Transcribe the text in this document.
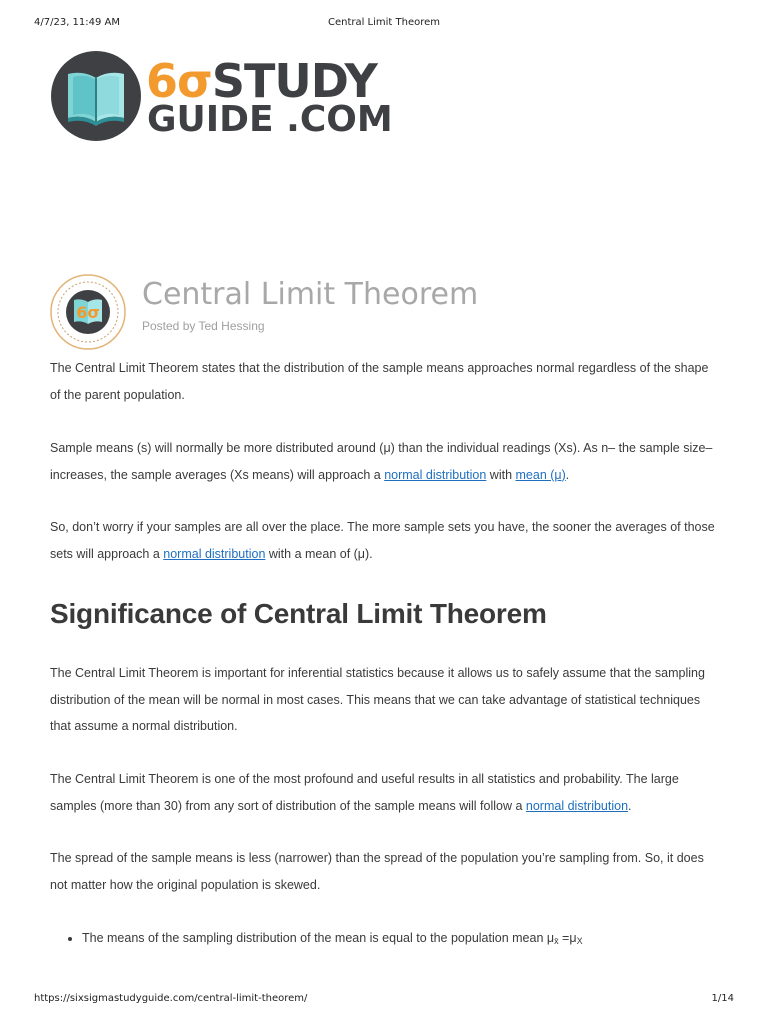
4/7/23, 11:49 AM	Central Limit Theorem
6σSTUDY
GUIDE .COM
6σ
Central Limit Theorem
Posted by Ted Hessing

The Central Limit Theorem states that the distribution of the sample means approaches normal regardless of the shape of the parent population.

Sample means (s) will normally be more distributed around (μ) than the individual readings (Xs). As n– the sample size– increases, the sample averages (Xs means) will approach a normal distribution with mean (μ).

So, don’t worry if your samples are all over the place. The more sample sets you have, the sooner the averages of those sets will approach a normal distribution with a mean of (μ).

Significance of Central Limit Theorem

The Central Limit Theorem is important for inferential statistics because it allows us to safely assume that the sampling distribution of the mean will be normal in most cases. This means that we can take advantage of statistical techniques that assume a normal distribution.

The Central Limit Theorem is one of the most profound and useful results in all statistics and probability. The large samples (more than 30) from any sort of distribution of the sample means will follow a normal distribution.

The spread of the sample means is less (narrower) than the spread of the population you’re sampling from. So, it does not matter how the original population is skewed.

• The means of the sampling distribution of the mean is equal to the population mean $\mu_{x̄} =\mu_X$
https://sixsigmastudyguide.com/central-limit-theorem/	1/14
